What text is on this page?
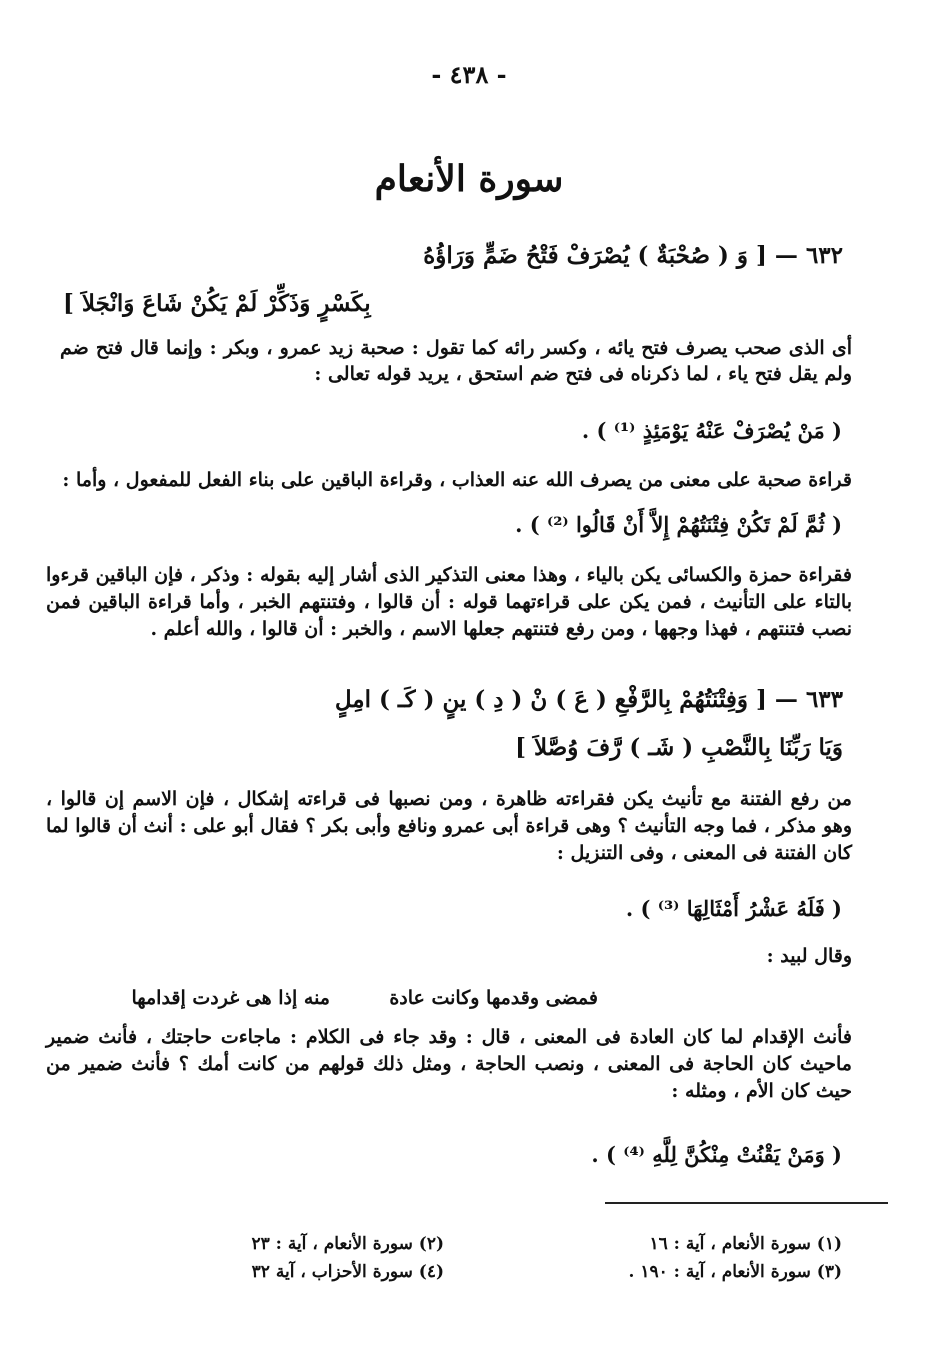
- ٤٣٨ -
سورة الأنعام
٦٣٢ — [ وَ ( صُحْبَةٌ ) يُصْرَفْ فَتْحُ ضَمٍّ وَرَاؤُهُ
بِكَسْرٍ وَذَكِّرْ لَمْ يَكُنْ شَاعَ وَانْجَلاَ ]
أى الذى صحب يصرف فتح يائه ، وكسر رائه كما تقول : صحبة زيد عمرو ، وبكر : وإنما قال فتح ضم ولم يقل فتح ياء ، لما ذكرناه فى فتح ضم استحق ، يريد قوله تعالى :
( مَنْ يُصْرَفْ عَنْهُ يَوْمَئِذٍ ⁽¹⁾ ) .
قراءة صحبة على معنى من يصرف الله عنه العذاب ، وقراءة الباقين على بناء الفعل للمفعول ، وأما :
( ثُمَّ لَمْ تَكُنْ فِتْنَتُهُمْ إِلاَّ أَنْ قَالُوا ⁽²⁾ ) .
فقراءة حمزة والكسائى يكن بالياء ، وهذا معنى التذكير الذى أشار إليه بقوله : وذكر ، فإن الباقين قرءوا بالتاء على التأنيث ، فمن يكن على قراءتهما قوله : أن قالوا ، وفتنتهم الخبر ، وأما قراءة الباقين فمن نصب فتنتهم ، فهذا وجهها ، ومن رفع فتنتهم جعلها الاسم ، والخبر : أن قالوا ، والله أعلم .
٦٣٣ — [ وَفِتْنَتُهُمْ بِالرَّفْعِ ( عَ ) نْ ( دِ ) ينٍ ( كَـ ) امِلٍ
وَيَا رَبِّنَا بِالنَّصْبِ ( شَـ ) رَّفَ وُصَّلاَ ]
من رفع الفتنة مع تأنيث يكن فقراءته ظاهرة ، ومن نصبها فى قراءته إشكال ، فإن الاسم إن قالوا ، وهو مذكر ، فما وجه التأنيث ؟ وهى قراءة أبى عمرو ونافع وأبى بكر ؟ فقال أبو على : أنث أن قالوا لما كان الفتنة فى المعنى ، وفى التنزيل :
( فَلَهُ عَشْرُ أَمْثَالِهَا ⁽³⁾ ) .
وقال لبيد :
فمضى وقدمها وكانت عادة
منه إذا هى غردت إقدامها
فأنث الإقدام لما كان العادة فى المعنى ، قال : وقد جاء فى الكلام : ماجاءت حاجتك ، فأنث ضمير ماحيث كان الحاجة فى المعنى ، ونصب الحاجة ، ومثل ذلك قولهم من كانت أمك ؟ فأنث ضمير من حيث كان الأم ، ومثله :
( وَمَنْ يَقْنُتْ مِنْكُنَّ لِلَّهِ ⁽⁴⁾ ) .
(١) سورة الأنعام ، آية : ١٦
(٢) سورة الأنعام ، آية : ٢٣
(٣) سورة الأنعام ، آية : ١٩٠ .
(٤) سورة الأحزاب ، آية ٣٢
